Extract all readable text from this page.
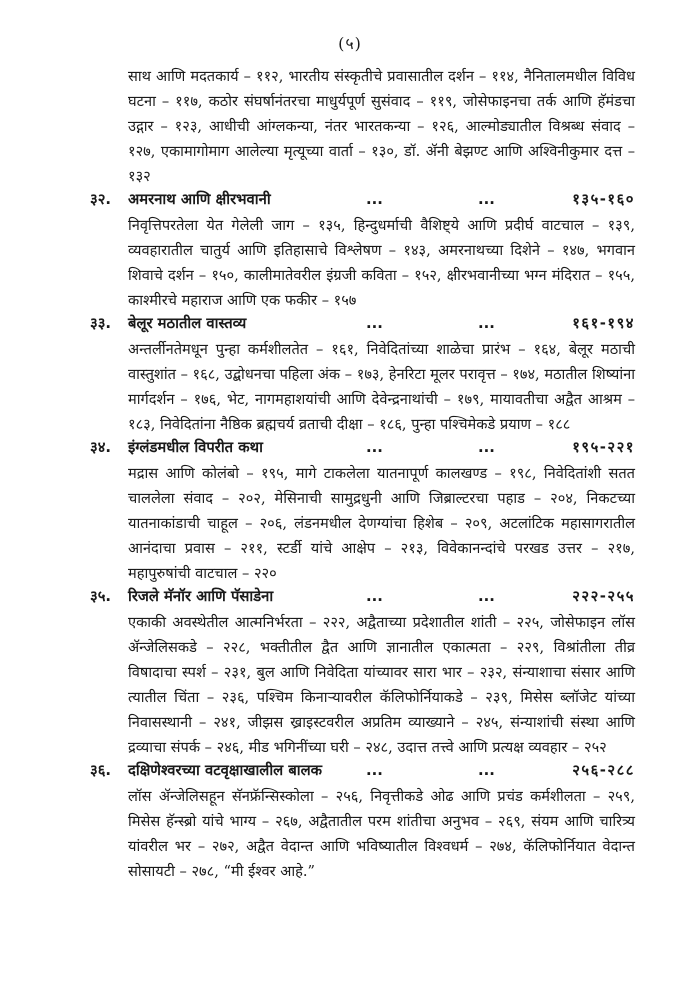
(५)

साथ आणि मदतकार्य – ११२, भारतीय संस्कृतीचे प्रवासातील दर्शन – ११४, नैनितालमधील विविध घटना – ११७, कठोर संघर्षानंतरचा माधुर्यपूर्ण सुसंवाद – ११९, जोसेफाइनचा तर्क आणि हॅमंडचा उद्गार – १२३, आधीची आंग्लकन्या, नंतर भारतकन्या – १२६, आल्मोड्यातील विश्रब्ध संवाद – १२७, एकामागोमाग आलेल्या मृत्यूच्या वार्ता – १३०, डॉ. ॲनी बेझण्ट आणि अश्विनीकुमार दत्त – १३२

३२.	अमरनाथ आणि क्षीरभवानी	...	...	१३५-१६०

निवृत्तिपरतेला येत गेलेली जाग – १३५, हिन्दुधर्माची वैशिष्ट्ये आणि प्रदीर्घ वाटचाल – १३९, व्यवहारातील चातुर्य आणि इतिहासाचे विश्लेषण – १४३, अमरनाथच्या दिशेने – १४७, भगवान शिवाचे दर्शन – १५०, कालीमातेवरील इंग्रजी कविता – १५२, क्षीरभवानीच्या भग्न मंदिरात – १५५, काश्मीरचे महाराज आणि एक फकीर – १५७

३३.	बेलूर मठातील वास्तव्य	...	...	१६१-१९४

अन्तर्लीनतेमधून पुन्हा कर्मशीलतेत – १६१, निवेदितांच्या शाळेचा प्रारंभ – १६४, बेलूर मठाची वास्तुशांत – १६८, उद्बोधनचा पहिला अंक – १७३, हेनरिटा मूलर परावृत्त – १७४, मठातील शिष्यांना मार्गदर्शन – १७६, भेट, नागमहाशयांची आणि देवेन्द्रनाथांची – १७९, मायावतीचा अद्वैत आश्रम – १८३, निवेदितांना नैष्ठिक ब्रह्मचर्य व्रताची दीक्षा – १८६, पुन्हा पश्चिमेकडे प्रयाण – १८८

३४.	इंग्लंडमधील विपरीत कथा	...	...	१९५-२२१

मद्रास आणि कोलंबो – १९५, मागे टाकलेला यातनापूर्ण कालखण्ड – १९८, निवेदितांशी सतत चाललेला संवाद – २०२, मेसिनाची सामुद्रधुनी आणि जिब्राल्टरचा पहाड – २०४, निकटच्या यातनाकांडाची चाहूल – २०६, लंडनमधील देणग्यांचा हिशेब – २०९, अटलांटिक महासागरातील आनंदाचा प्रवास – २११, स्टर्डी यांचे आक्षेप – २१३, विवेकानन्दांचे परखड उत्तर – २१७, महापुरुषांची वाटचाल – २२०

३५.	रिजले मॅनॉर आणि पॅसाडेना	...	...	२२२-२५५

एकाकी अवस्थेतील आत्मनिर्भरता – २२२, अद्वैताच्या प्रदेशातील शांती – २२५, जोसेफाइन लॉस ॲन्जेलिसकडे – २२८, भक्तीतील द्वैत आणि ज्ञानातील एकात्मता – २२९, विश्रांतीला तीव्र विषादाचा स्पर्श – २३१, बुल आणि निवेदिता यांच्यावर सारा भार – २३२, संन्याशाचा संसार आणि त्यातील चिंता – २३६, पश्चिम किनाऱ्यावरील कॅलिफोर्नियाकडे – २३९, मिसेस ब्लॉजेट यांच्या निवासस्थानी – २४१, जीझस ख्राइस्टवरील अप्रतिम व्याख्याने – २४५, संन्याशांची संस्था आणि द्रव्याचा संपर्क – २४६, मीड भगिनींच्या घरी – २४८, उदात्त तत्त्वे आणि प्रत्यक्ष व्यवहार – २५२

३६.	दक्षिणेश्वरच्या वटवृक्षाखालील बालक	...	...	२५६-२८८

लॉस ॲन्जेलिसहून सॅनफ्रॅन्सिस्कोला – २५६, निवृत्तीकडे ओढ आणि प्रचंड कर्मशीलता – २५९, मिसेस हॅन्स्ब्रो यांचे भाग्य – २६७, अद्वैतातील परम शांतीचा अनुभव – २६९, संयम आणि चारित्र्य यांवरील भर – २७२, अद्वैत वेदान्त आणि भविष्यातील विश्वधर्म – २७४, कॅलिफोर्नियात वेदान्त सोसायटी – २७८, “मी ईश्वर आहे.”
